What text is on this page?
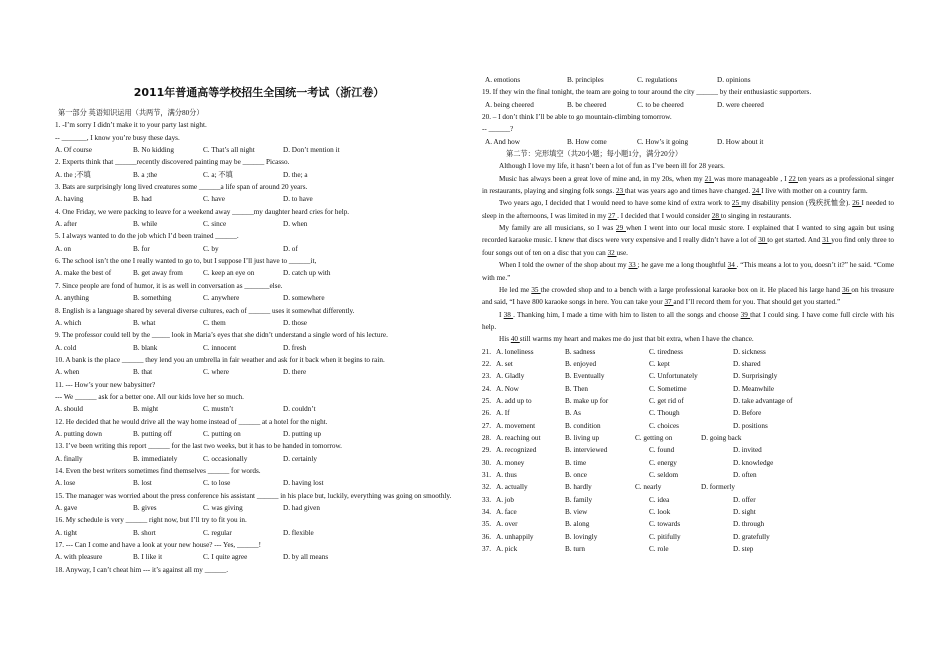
2011年普通高等学校招生全国统一考试（浙江卷）
第一部分 英语知识运用（共两节，满分80分）
1. -I’m sorry I didn’t make it to your party last night.
-- _______, I know you’re busy these days.
A. Of course	B. No kidding	C. That’s all night	D. Don’t mention it
2. Experts think that ______recently discovered painting may be ______ Picasso.
A. the ;不填	B. a ;the	C. a; 不填	D. the; a
3. Bats are surprisingly long lived creatures some ______a life span of around 20 years.
A. having	B. had	C. have	D. to have
4. One Friday, we were packing to leave for a weekend away ______my daughter heard cries for help.
A. after	B. while	C. since	D. when
5. I always wanted to do the job which I’d been trained ______.
A. on	B. for	C. by	D. of
6. The school isn’t the one I really wanted to go to, but I suppose I’ll just have to ______it,
A. make the best of	B. get away from	C. keep an eye on	D. catch up with
7. Since people are fond of humor, it is as well in conversation as _______else.
A. anything	B. something	C. anywhere	D. somewhere
8. English is a language shared by several diverse cultures, each of ______ uses it somewhat differently.
A. which	B. what	C. them	D. those
9. The professor could tell by the _____ look in Maria’s eyes that she didn’t understand a single word of his lecture.
A. cold	B. blank	C. innocent	D. fresh
10. A bank is the place ______ they lend you an umbrella in fair weather and ask for it back when it begins to rain.
A. when	B. that	C. where	D. there
11. --- How’s your new babysitter?
--- We ______ ask for a better one. All our kids love her so much.
A. should	B. might	C. mustn’t	D. couldn’t
12. He decided that he would drive all the way home instead of ______ at a hotel for the night.
A. putting down	B. putting off	C. putting on	D. putting up
13. I’ve been writing this report ______ for the last two weeks, but it has to be handed in tomorrow.
A. finally	B. immediately	C. occasionally	D. certainly
14. Even the best writers sometimes find themselves ______ for words.
A. lose	B. lost	C. to lose	D. having lost
15. The manager was worried about the press conference his assistant ______ in his place but, luckily, everything was going on smoothly.
A. gave	B. gives	C. was giving	D. had given
16. My schedule is very ______ right now, but I’ll try to fit you in.
A. tight	B. short	C. regular	D. flexible
17. --- Can I come and have a look at your new house? --- Yes, ______!
A. with pleasure	B. I like it	C. I quite agree	D. by all means
18. Anyway, I can’t cheat him --- it’s against all my ______.
A. emotions	B. principles	C. regulations	D. opinions
19. If they win the final tonight, the team are going to tour around the city ______ by their enthusiastic supporters.
A. being cheered	B. be cheered	C. to be cheered	D. were cheered
20. – I don’t think I’ll be able to go mountain-climbing tomorrow.
-- ______?
A. And how	B. How come	C. How’s it going	D. How about it
第二节：完形填空（共20小题；每小题1分，满分20分）
Although I love my life, it hasn’t been a lot of fun as I’ve been ill for 28 years.
Music has always been a great love of mine and, in my 20s, when my 21 was more manageable , I 22 ten years as a professional singer in restaurants, playing and singing folk songs. 23 that was years ago and times have changed. 24 I live with mother on a country farm.
Two years ago, I decided that I would need to have some kind of extra work to 25 my disability pension (残疾抚恤金). 26 I needed to sleep in the afternoons, I was limited in my 27 . I decided that I would consider 28 to singing in restaurants.
My family are all musicians, so I was 29 when I went into our local music store. I explained that I wanted to sing again but using recorded karaoke music. I knew that discs were very expensive and I really didn’t have a lot of 30 to get started. And 31 you find only three to four songs out of ten on a disc that you can 32 use.
When I told the owner of the shop about my 33 ; he gave me a long thoughtful 34 . “This means a lot to you, doesn’t it?” he said. “Come with me.”
He led me 35 the crowded shop and to a bench with a large professional karaoke box on it. He placed his large hand 36 on his treasure and said, “I have 800 karaoke songs in here. You can take your 37 and I’ll record them for you. That should get you started.”
I 38 . Thanking him, I made a time with him to listen to all the songs and choose 39 that I could sing. I have come full circle with his help.
His 40 still warms my heart and makes me do just that bit extra, when I have the chance.
21. A. loneliness	B. sadness	C. tiredness	D. sickness
22. A. set	B. enjoyed	C. kept	D. shared
23. A. Gladly	B. Eventually	C. Unfortunately	D. Surprisingly
24. A. Now	B. Then	C. Sometime	D. Meanwhile
25. A. add up to	B. make up for	C. get rid of	D. take advantage of
26. A. If	B. As	C. Though	D. Before
27. A. movement	B. condition	C. choices	D. positions
28. A. reaching out	B. living up	C. getting on	D. going back
29. A. recognized	B. interviewed	C. found	D. invited
30. A. money	B. time	C. energy	D. knowledge
31. A. thus	B. once	C. seldom	D. often
32. A. actually	B. hardly	C. nearly	D. formerly
33. A. job	B. family	C. idea	D. offer
34. A. face	B. view	C. look	D. sight
35. A. over	B. along	C. towards	D. through
36. A. unhappily	B. lovingly	C. pitifully	D. gratefully
37. A. pick	B. turn	C. role	D. step
